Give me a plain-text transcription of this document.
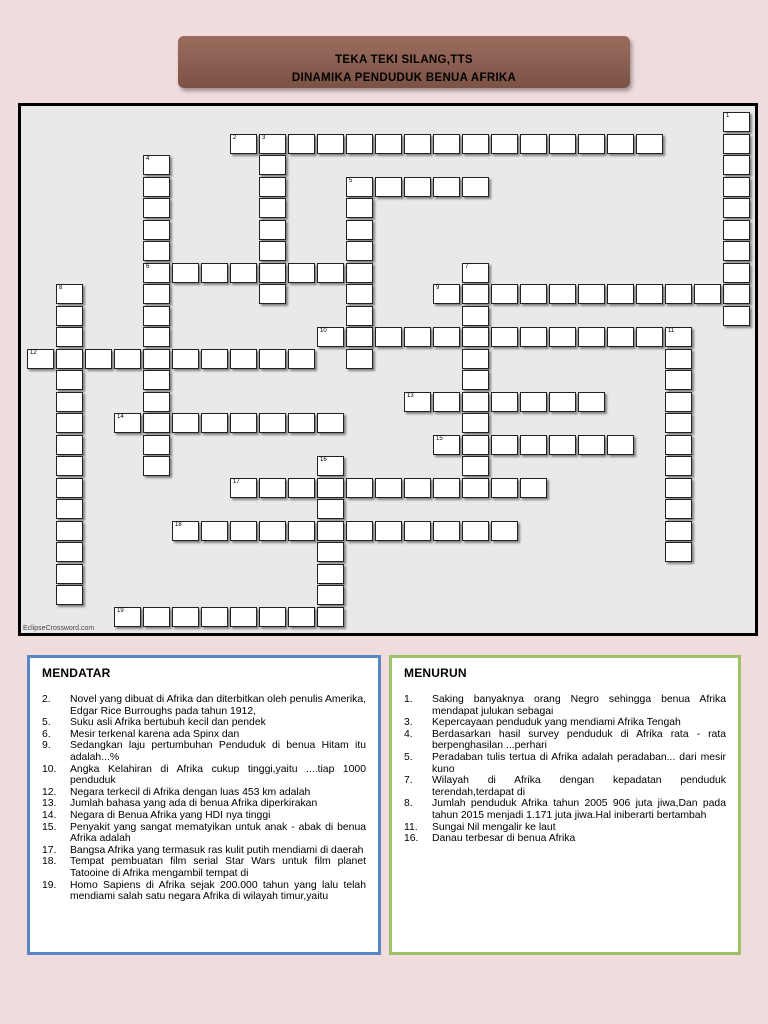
TEKA TEKI SILANG,TTS
DINAMIKA PENDUDUK BENUA AFRIKA
EclipseCrossword.com
1
2	3
4
6
5
7
8	9
10	11
12
13
14
15
16
17
18
19
MENDATAR
2. Novel yang dibuat di Afrika dan diterbitkan oleh penulis Amerika, Edgar Rice Burroughs pada tahun 1912,
5. Suku asli Afrika bertubuh kecil dan pendek
6. Mesir terkenal karena ada Spinx dan
9. Sedangkan laju pertumbuhan Penduduk di benua Hitam itu adalah...%
10. Angka Kelahiran di Afrika cukup tinggi,yaitu ....tiap 1000 penduduk
12. Negara terkecil di Afrika dengan luas 453 km adalah
13. Jumlah bahasa yang ada di benua Afrika diperkirakan
14. Negara di Benua Afrika yang HDI nya tinggi
15. Penyakit yang sangat mematyikan untuk anak - abak di benua Afrika adalah
17. Bangsa Afrika yang termasuk ras kulit putih mendiami di daerah
18. Tempat pembuatan film serial Star Wars untuk film planet Tatooine di Afrika mengambil tempat di
19. Homo Sapiens di Afrika sejak 200.000 tahun yang lalu telah mendiami salah satu negara Afrika di wilayah timur,yaitu
MENURUN
1. Saking banyaknya orang Negro sehingga benua Afrika mendapat julukan sebagai
3. Kepercayaan penduduk yang mendiami Afrika Tengah
4. Berdasarkan hasil survey penduduk di Afrika rata - rata berpenghasilan ...perhari
5. Peradaban tulis tertua di Afrika adalah peradaban... dari mesir kuno
7. Wilayah di Afrika dengan kepadatan penduduk terendah,terdapat di
8. Jumlah penduduk Afrika tahun 2005 906 juta jiwa,Dan pada tahun 2015 menjadi 1.171 juta jiwa.Hal iniberarti bertambah
11. Sungai Nil mengalir ke laut
16. Danau terbesar di benua Afrika
